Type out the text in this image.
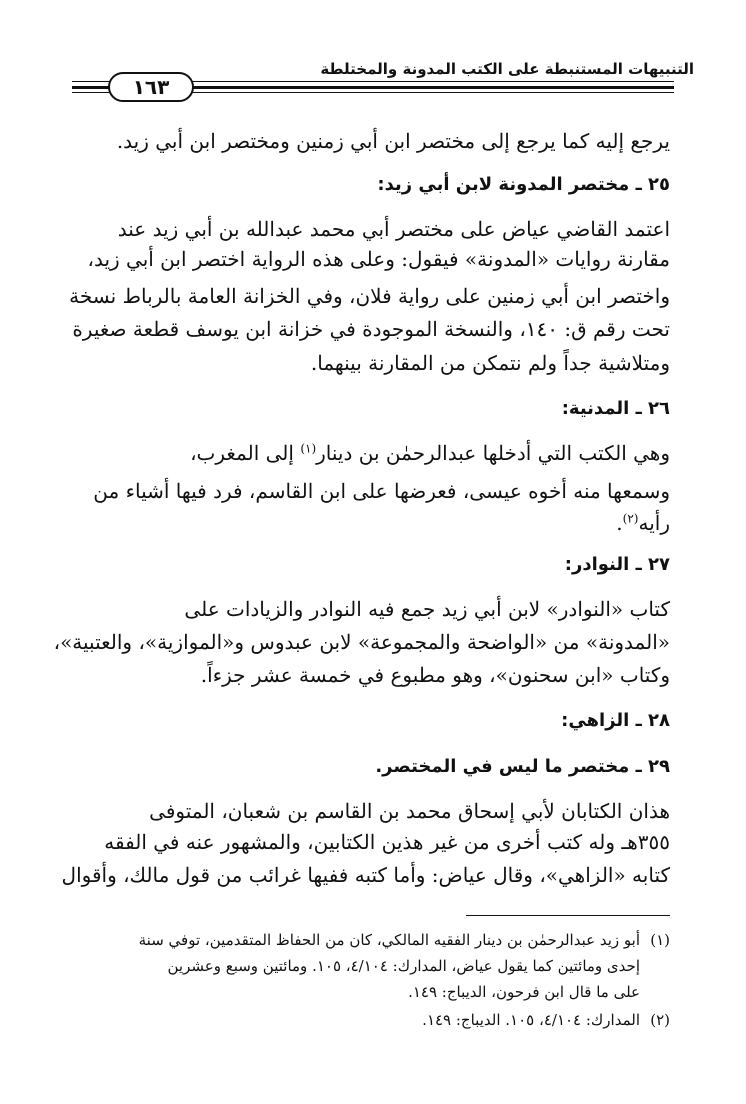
التنبيهات المستنبطة على الكتب المدونة والمختلطة
١٦٣
يرجع إليه كما يرجع إلى مختصر ابن أبي زمنين ومختصر ابن أبي زيد.
٢٥ ـ مختصر المدونة لابن أبي زيد:
اعتمد القاضي عياض على مختصر أبي محمد عبدالله بن أبي زيد عند
مقارنة روايات «المدونة» فيقول: وعلى هذه الرواية اختصر ابن أبي زيد،
واختصر ابن أبي زمنين على رواية فلان، وفي الخزانة العامة بالرباط نسخة
تحت رقم ق: ١٤٠، والنسخة الموجودة في خزانة ابن يوسف قطعة صغيرة
ومتلاشية جداً ولم نتمكن من المقارنة بينهما.
٢٦ ـ المدنية:
وهي الكتب التي أدخلها عبدالرحمٰن بن دينار$^{(١)}$ إلى المغرب،
وسمعها منه أخوه عيسى، فعرضها على ابن القاسم، فرد فيها أشياء من
رأيه$^{(٢)}$.
٢٧ ـ النوادر:
كتاب «النوادر» لابن أبي زيد جمع فيه النوادر والزيادات على
«المدونة» من «الواضحة والمجموعة» لابن عبدوس و«الموازية»، والعتبية»،
وكتاب «ابن سحنون»، وهو مطبوع في خمسة عشر جزءاً.
٢٨ ـ الزاهي:
٢٩ ـ مختصر ما ليس في المختصر.
هذان الكتابان لأبي إسحاق محمد بن القاسم بن شعبان، المتوفى
٣٥٥هـ وله كتب أخرى من غير هذين الكتابين، والمشهور عنه في الفقه
كتابه «الزاهي»، وقال عياض: وأما كتبه ففيها غرائب من قول مالك، وأقوال
(١)أبو زيد عبدالرحمٰن بن دينار الفقيه المالكي، كان من الحفاظ المتقدمين، توفي سنة
إحدى ومائتين كما يقول عياض، المدارك: ٤/١٠٤، ١٠٥. ومائتين وسبع وعشرين
على ما قال ابن فرحون، الديباج: ١٤٩.
(٢)المدارك: ٤/١٠٤، ١٠٥. الديباج: ١٤٩.
